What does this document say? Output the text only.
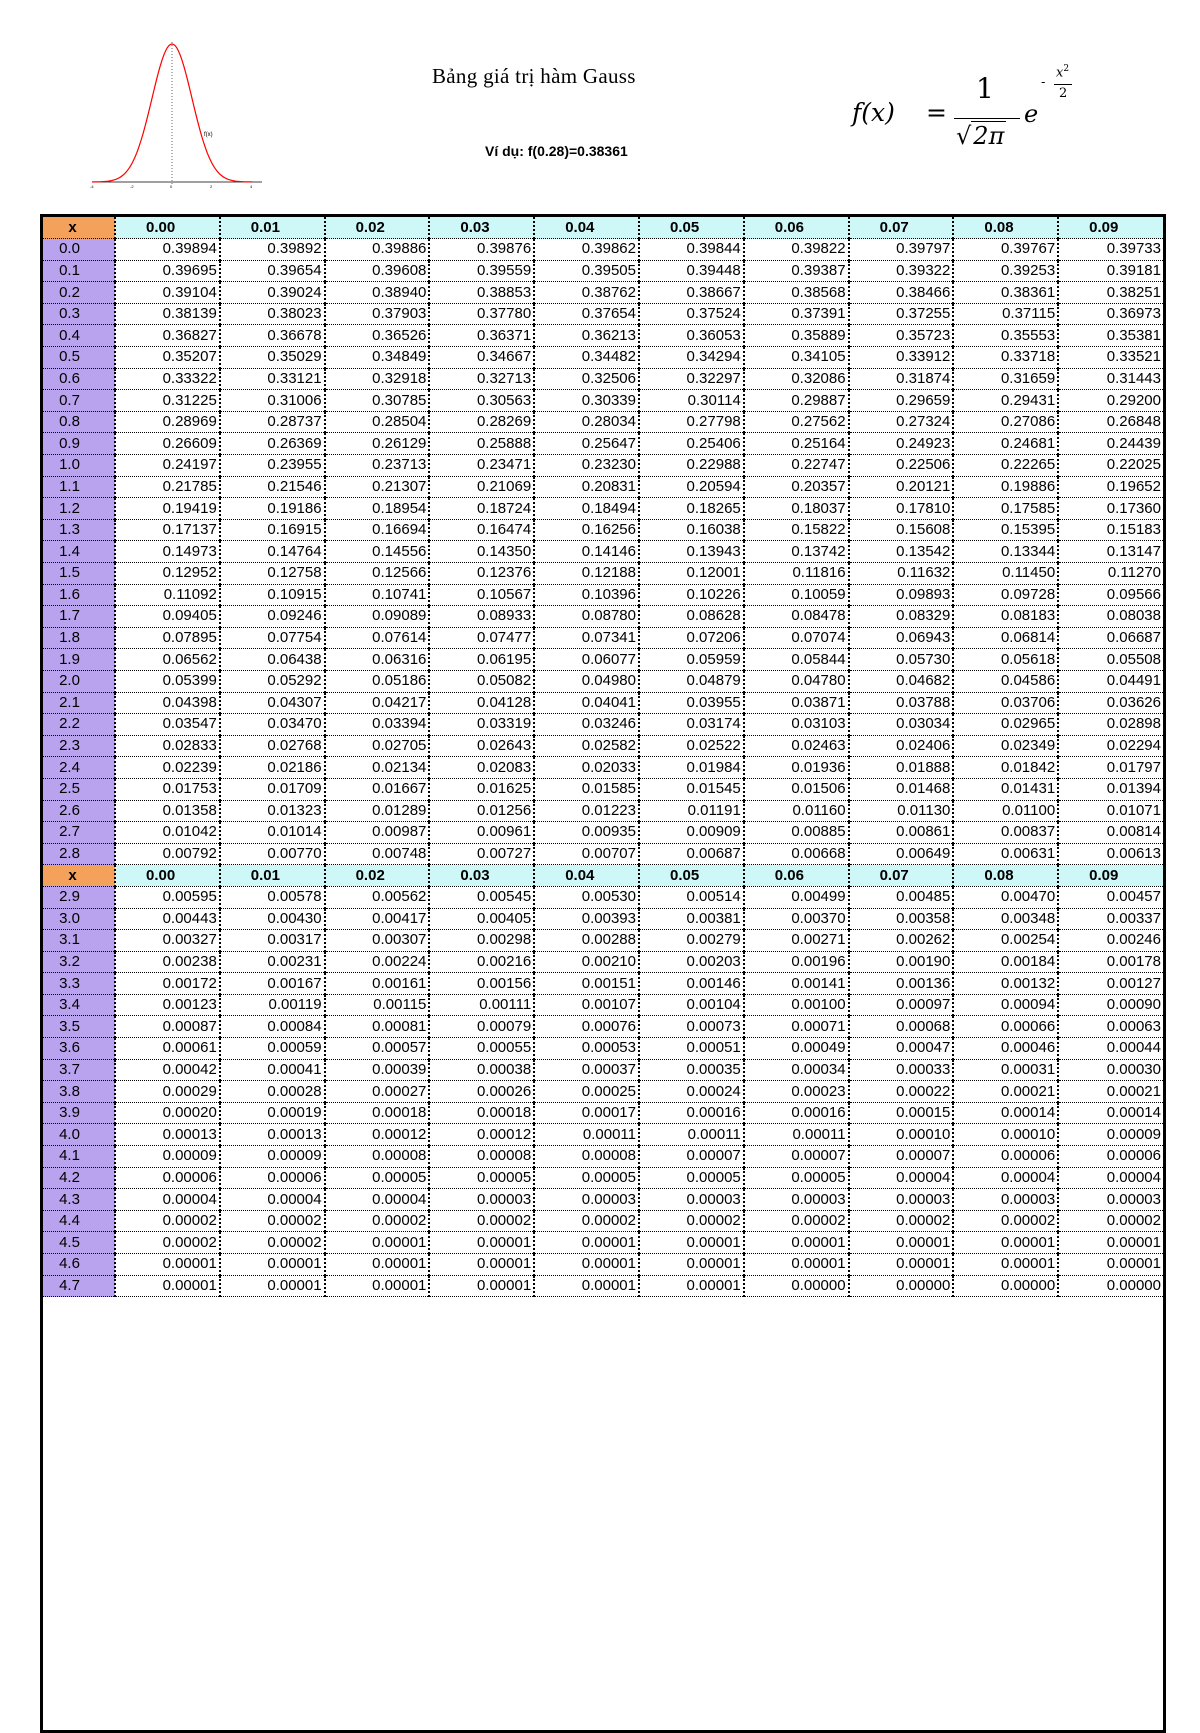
f(x)
-4	-2	0	2	4
Bảng giá trị hàm Gauss
Ví dụ: f(0.28)=0.38361
f(x) =
1
√2π
e
-
$x^2$
2
x	0.00	0.01	0.02	0.03	0.04	0.05	0.06	0.07	0.08	0.09
0.0	0.39894	0.39892	0.39886	0.39876	0.39862	0.39844	0.39822	0.39797	0.39767	0.39733
0.1	0.39695	0.39654	0.39608	0.39559	0.39505	0.39448	0.39387	0.39322	0.39253	0.39181
0.2	0.39104	0.39024	0.38940	0.38853	0.38762	0.38667	0.38568	0.38466	0.38361	0.38251
0.3	0.38139	0.38023	0.37903	0.37780	0.37654	0.37524	0.37391	0.37255	0.37115	0.36973
0.4	0.36827	0.36678	0.36526	0.36371	0.36213	0.36053	0.35889	0.35723	0.35553	0.35381
0.5	0.35207	0.35029	0.34849	0.34667	0.34482	0.34294	0.34105	0.33912	0.33718	0.33521
0.6	0.33322	0.33121	0.32918	0.32713	0.32506	0.32297	0.32086	0.31874	0.31659	0.31443
0.7	0.31225	0.31006	0.30785	0.30563	0.30339	0.30114	0.29887	0.29659	0.29431	0.29200
0.8	0.28969	0.28737	0.28504	0.28269	0.28034	0.27798	0.27562	0.27324	0.27086	0.26848
0.9	0.26609	0.26369	0.26129	0.25888	0.25647	0.25406	0.25164	0.24923	0.24681	0.24439
1.0	0.24197	0.23955	0.23713	0.23471	0.23230	0.22988	0.22747	0.22506	0.22265	0.22025
1.1	0.21785	0.21546	0.21307	0.21069	0.20831	0.20594	0.20357	0.20121	0.19886	0.19652
1.2	0.19419	0.19186	0.18954	0.18724	0.18494	0.18265	0.18037	0.17810	0.17585	0.17360
1.3	0.17137	0.16915	0.16694	0.16474	0.16256	0.16038	0.15822	0.15608	0.15395	0.15183
1.4	0.14973	0.14764	0.14556	0.14350	0.14146	0.13943	0.13742	0.13542	0.13344	0.13147
1.5	0.12952	0.12758	0.12566	0.12376	0.12188	0.12001	0.11816	0.11632	0.11450	0.11270
1.6	0.11092	0.10915	0.10741	0.10567	0.10396	0.10226	0.10059	0.09893	0.09728	0.09566
1.7	0.09405	0.09246	0.09089	0.08933	0.08780	0.08628	0.08478	0.08329	0.08183	0.08038
1.8	0.07895	0.07754	0.07614	0.07477	0.07341	0.07206	0.07074	0.06943	0.06814	0.06687
1.9	0.06562	0.06438	0.06316	0.06195	0.06077	0.05959	0.05844	0.05730	0.05618	0.05508
2.0	0.05399	0.05292	0.05186	0.05082	0.04980	0.04879	0.04780	0.04682	0.04586	0.04491
2.1	0.04398	0.04307	0.04217	0.04128	0.04041	0.03955	0.03871	0.03788	0.03706	0.03626
2.2	0.03547	0.03470	0.03394	0.03319	0.03246	0.03174	0.03103	0.03034	0.02965	0.02898
2.3	0.02833	0.02768	0.02705	0.02643	0.02582	0.02522	0.02463	0.02406	0.02349	0.02294
2.4	0.02239	0.02186	0.02134	0.02083	0.02033	0.01984	0.01936	0.01888	0.01842	0.01797
2.5	0.01753	0.01709	0.01667	0.01625	0.01585	0.01545	0.01506	0.01468	0.01431	0.01394
2.6	0.01358	0.01323	0.01289	0.01256	0.01223	0.01191	0.01160	0.01130	0.01100	0.01071
2.7	0.01042	0.01014	0.00987	0.00961	0.00935	0.00909	0.00885	0.00861	0.00837	0.00814
2.8	0.00792	0.00770	0.00748	0.00727	0.00707	0.00687	0.00668	0.00649	0.00631	0.00613
x	0.00	0.01	0.02	0.03	0.04	0.05	0.06	0.07	0.08	0.09
2.9	0.00595	0.00578	0.00562	0.00545	0.00530	0.00514	0.00499	0.00485	0.00470	0.00457
3.0	0.00443	0.00430	0.00417	0.00405	0.00393	0.00381	0.00370	0.00358	0.00348	0.00337
3.1	0.00327	0.00317	0.00307	0.00298	0.00288	0.00279	0.00271	0.00262	0.00254	0.00246
3.2	0.00238	0.00231	0.00224	0.00216	0.00210	0.00203	0.00196	0.00190	0.00184	0.00178
3.3	0.00172	0.00167	0.00161	0.00156	0.00151	0.00146	0.00141	0.00136	0.00132	0.00127
3.4	0.00123	0.00119	0.00115	0.00111	0.00107	0.00104	0.00100	0.00097	0.00094	0.00090
3.5	0.00087	0.00084	0.00081	0.00079	0.00076	0.00073	0.00071	0.00068	0.00066	0.00063
3.6	0.00061	0.00059	0.00057	0.00055	0.00053	0.00051	0.00049	0.00047	0.00046	0.00044
3.7	0.00042	0.00041	0.00039	0.00038	0.00037	0.00035	0.00034	0.00033	0.00031	0.00030
3.8	0.00029	0.00028	0.00027	0.00026	0.00025	0.00024	0.00023	0.00022	0.00021	0.00021
3.9	0.00020	0.00019	0.00018	0.00018	0.00017	0.00016	0.00016	0.00015	0.00014	0.00014
4.0	0.00013	0.00013	0.00012	0.00012	0.00011	0.00011	0.00011	0.00010	0.00010	0.00009
4.1	0.00009	0.00009	0.00008	0.00008	0.00008	0.00007	0.00007	0.00007	0.00006	0.00006
4.2	0.00006	0.00006	0.00005	0.00005	0.00005	0.00005	0.00005	0.00004	0.00004	0.00004
4.3	0.00004	0.00004	0.00004	0.00003	0.00003	0.00003	0.00003	0.00003	0.00003	0.00003
4.4	0.00002	0.00002	0.00002	0.00002	0.00002	0.00002	0.00002	0.00002	0.00002	0.00002
4.5	0.00002	0.00002	0.00001	0.00001	0.00001	0.00001	0.00001	0.00001	0.00001	0.00001
4.6	0.00001	0.00001	0.00001	0.00001	0.00001	0.00001	0.00001	0.00001	0.00001	0.00001
4.7	0.00001	0.00001	0.00001	0.00001	0.00001	0.00001	0.00000	0.00000	0.00000	0.00000
